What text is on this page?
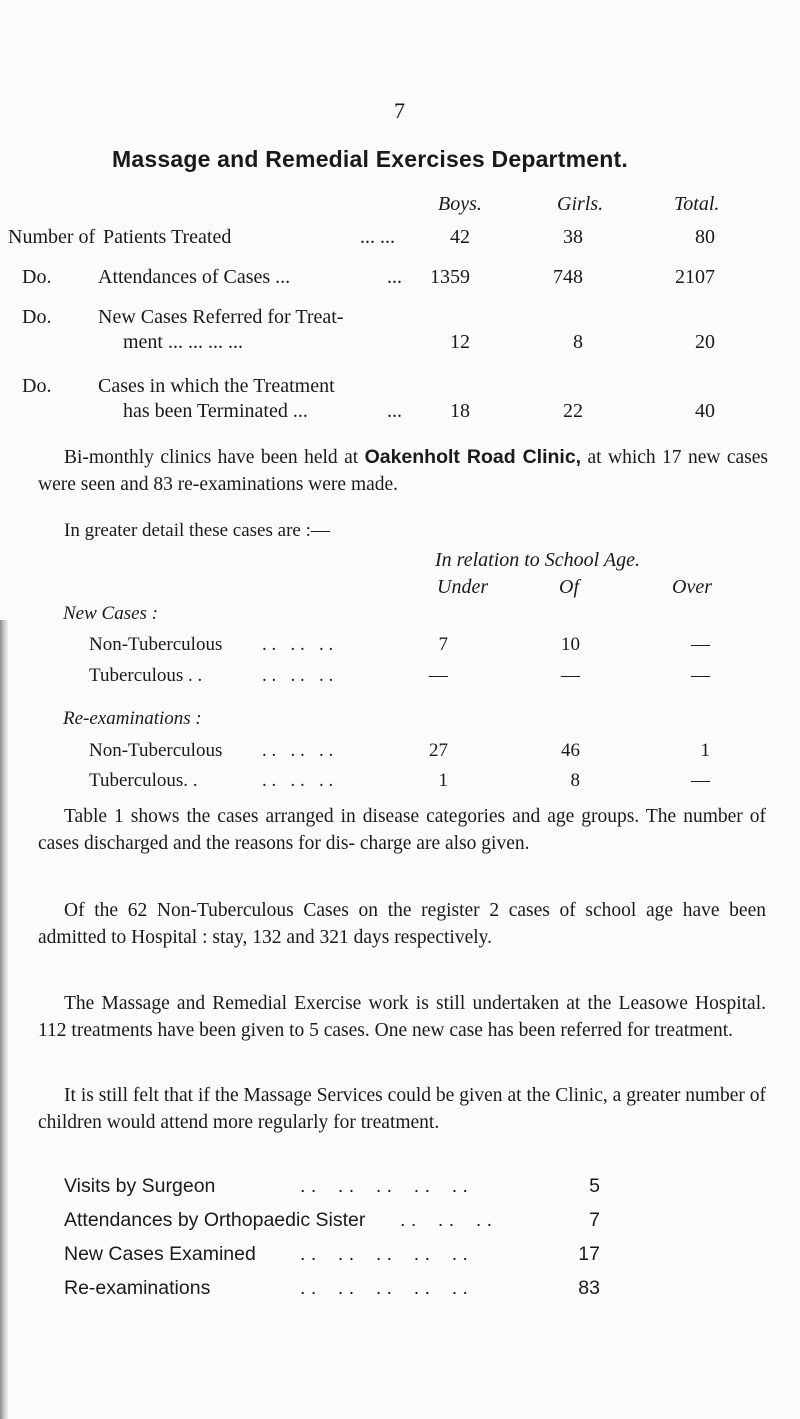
7
Massage and Remedial Exercises Department.
Boys.	Girls.	Total.
Number of Patients Treated	... ...	42	38	80
Do. Attendances of Cases ...	...	1359	748	2107
Do. New Cases Referred for Treat-
ment ... ... ... ...	12	8	20
Do. Cases in which the Treatment
has been Terminated ...	...	18	22	40
Bi-monthly clinics have been held at Oakenholt Road Clinic, at which 17 new cases were seen and 83 re-examinations were made.
In greater detail these cases are :—
In relation to School Age.
Under	Of	Over
New Cases :
Non-Tuberculous . .   . .   . .	7	10	—
Tuberculous . .	. .   . .   . .	—	—	—
Re-examinations :
Non-Tuberculous . .   . .   . .	27	46	1
Tuberculous. .	. .   . .   . .	1	8	—
Table 1 shows the cases arranged in disease categories and age groups. The number of cases discharged and the reasons for dis- charge are also given.
Of the 62 Non-Tuberculous Cases on the register 2 cases of school age have been admitted to Hospital : stay, 132 and 321 days respectively.
The Massage and Remedial Exercise work is still undertaken at the Leasowe Hospital. 112 treatments have been given to 5 cases. One new case has been referred for treatment.
It is still felt that if the Massage Services could be given at the Clinic, a greater number of children would attend more regularly for treatment.
Visits by Surgeon	. .    . .    . .    . .    . .	5
Attendances by Orthopaedic Sister . .    . .    . .	7
New Cases Examined . .    . .    . .    . .    . .	17
Re-examinations	. .    . .    . .    . .    . .	83
